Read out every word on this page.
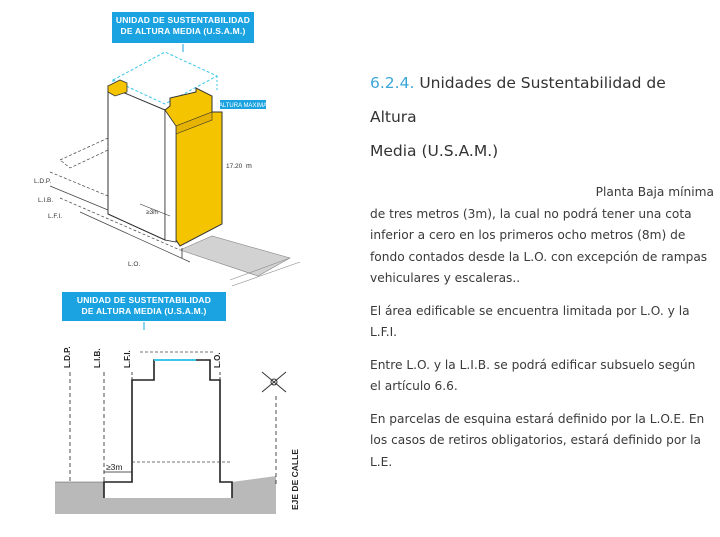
UNIDAD DE SUSTENTABILIDAD
DE ALTURA MEDIA (U.S.A.M.)
ALTURA MAXIMA
17.20 m
≥3m
L.D.P.
L.I.B.
L.F.I.
L.O.
UNIDAD DE SUSTENTABILIDAD
DE ALTURA MEDIA (U.S.A.M.)
≥3m
L.D.P.	L.I.B.	L.F.I.	L.O.
EJE DE CALLE
6.2.4. Unidades de Sustentabilidad de Altura
Media (U.S.A.M.)

Planta Baja mínima
de tres metros (3m), la cual no podrá tener una cota
inferior a cero en los primeros ocho metros (8m) de
fondo contados desde la L.O. con excepción de rampas
vehiculares y escaleras..

El área edificable se encuentra limitada por L.O. y la
L.F.I.

Entre L.O. y la L.I.B. se podrá edificar subsuelo según
el artículo 6.6.

En parcelas de esquina estará definido por la L.O.E. En
los casos de retiros obligatorios, estará definido por la
L.E.
